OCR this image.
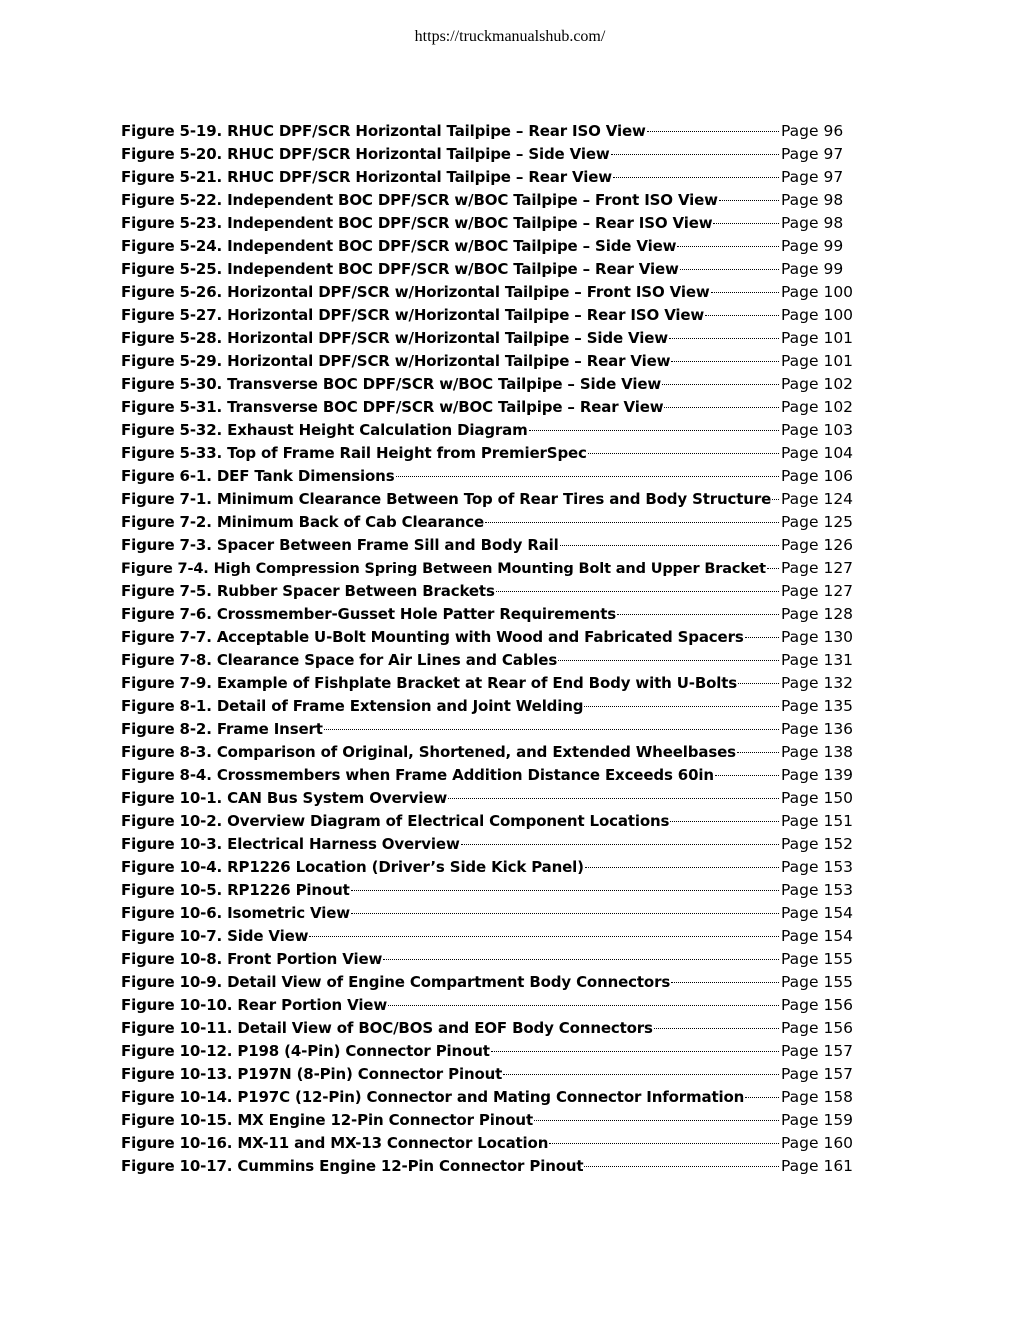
https://truckmanualshub.com/
Figure 5-19. RHUC DPF/SCR Horizontal Tailpipe – Rear ISO View	Page 96
Figure 5-20. RHUC DPF/SCR Horizontal Tailpipe – Side View	Page 97
Figure 5-21. RHUC DPF/SCR Horizontal Tailpipe – Rear View	Page 97
Figure 5-22. Independent BOC DPF/SCR w/BOC Tailpipe – Front ISO View	Page 98
Figure 5-23. Independent BOC DPF/SCR w/BOC Tailpipe – Rear ISO View	Page 98
Figure 5-24. Independent BOC DPF/SCR w/BOC Tailpipe – Side View	Page 99
Figure 5-25. Independent BOC DPF/SCR w/BOC Tailpipe – Rear View	Page 99
Figure 5-26. Horizontal DPF/SCR w/Horizontal Tailpipe – Front ISO View	Page 100
Figure 5-27. Horizontal DPF/SCR w/Horizontal Tailpipe – Rear ISO View	Page 100
Figure 5-28. Horizontal DPF/SCR w/Horizontal Tailpipe – Side View	Page 101
Figure 5-29. Horizontal DPF/SCR w/Horizontal Tailpipe – Rear View	Page 101
Figure 5-30. Transverse BOC DPF/SCR w/BOC Tailpipe – Side View	Page 102
Figure 5-31. Transverse BOC DPF/SCR w/BOC Tailpipe – Rear View	Page 102
Figure 5-32. Exhaust Height Calculation Diagram	Page 103
Figure 5-33. Top of Frame Rail Height from PremierSpec	Page 104
Figure 6-1. DEF Tank Dimensions	Page 106
Figure 7-1. Minimum Clearance Between Top of Rear Tires and Body Structure Page 124
Figure 7-2. Minimum Back of Cab Clearance	Page 125
Figure 7-3. Spacer Between Frame Sill and Body Rail	Page 126
Figure 7-4. High Compression Spring Between Mounting Bolt and Upper Bracket Page 127
Figure 7-5. Rubber Spacer Between Brackets	Page 127
Figure 7-6. Crossmember-Gusset Hole Patter Requirements	Page 128
Figure 7-7. Acceptable U-Bolt Mounting with Wood and Fabricated Spacers Page 130
Figure 7-8. Clearance Space for Air Lines and Cables	Page 131
Figure 7-9. Example of Fishplate Bracket at Rear of End Body with U-Bolts	Page 132
Figure 8-1. Detail of Frame Extension and Joint Welding	Page 135
Figure 8-2. Frame Insert	Page 136
Figure 8-3. Comparison of Original, Shortened, and Extended Wheelbases	Page 138
Figure 8-4. Crossmembers when Frame Addition Distance Exceeds 60in	Page 139
Figure 10-1. CAN Bus System Overview	Page 150
Figure 10-2. Overview Diagram of Electrical Component Locations	Page 151
Figure 10-3. Electrical Harness Overview	Page 152
Figure 10-4. RP1226 Location (Driver’s Side Kick Panel)	Page 153
Figure 10-5. RP1226 Pinout	Page 153
Figure 10-6. Isometric View	Page 154
Figure 10-7. Side View	Page 154
Figure 10-8. Front Portion View	Page 155
Figure 10-9. Detail View of Engine Compartment Body Connectors	Page 155
Figure 10-10. Rear Portion View	Page 156
Figure 10-11. Detail View of BOC/BOS and EOF Body Connectors	Page 156
Figure 10-12. P198 (4-Pin) Connector Pinout	Page 157
Figure 10-13. P197N (8-Pin) Connector Pinout	Page 157
Figure 10-14. P197C (12-Pin) Connector and Mating Connector Information Page 158
Figure 10-15. MX Engine 12-Pin Connector Pinout	Page 159
Figure 10-16. MX-11 and MX-13 Connector Location	Page 160
Figure 10-17. Cummins Engine 12-Pin Connector Pinout	Page 161
